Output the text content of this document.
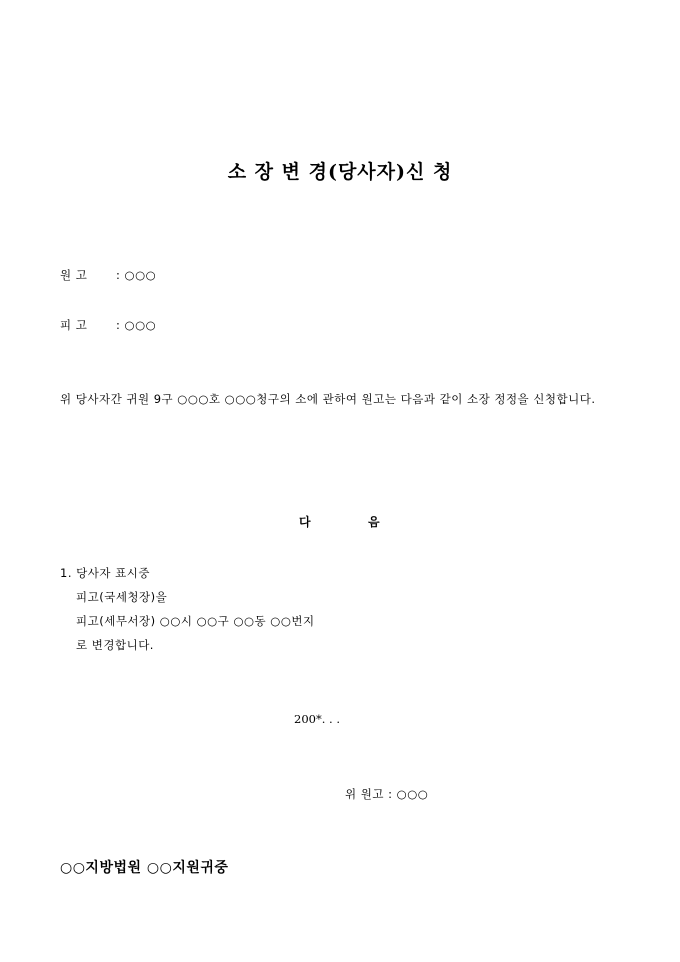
소 장 변 경(당사자)신 청
원 고 : ○○○
피 고 : ○○○
위 당사자간 귀원 9구 ○○○호 ○○○청구의 소에 관하여 원고는 다음과 같이 소장 정정을 신청합니다.
다	음
1. 당사자 표시중
피고(국세청장)을
피고(세무서장) ○○시 ○○구 ○○동 ○○번지
로 변경합니다.
200*. . .
위 원고 : ○○○
○○지방법원 ○○지원귀중
